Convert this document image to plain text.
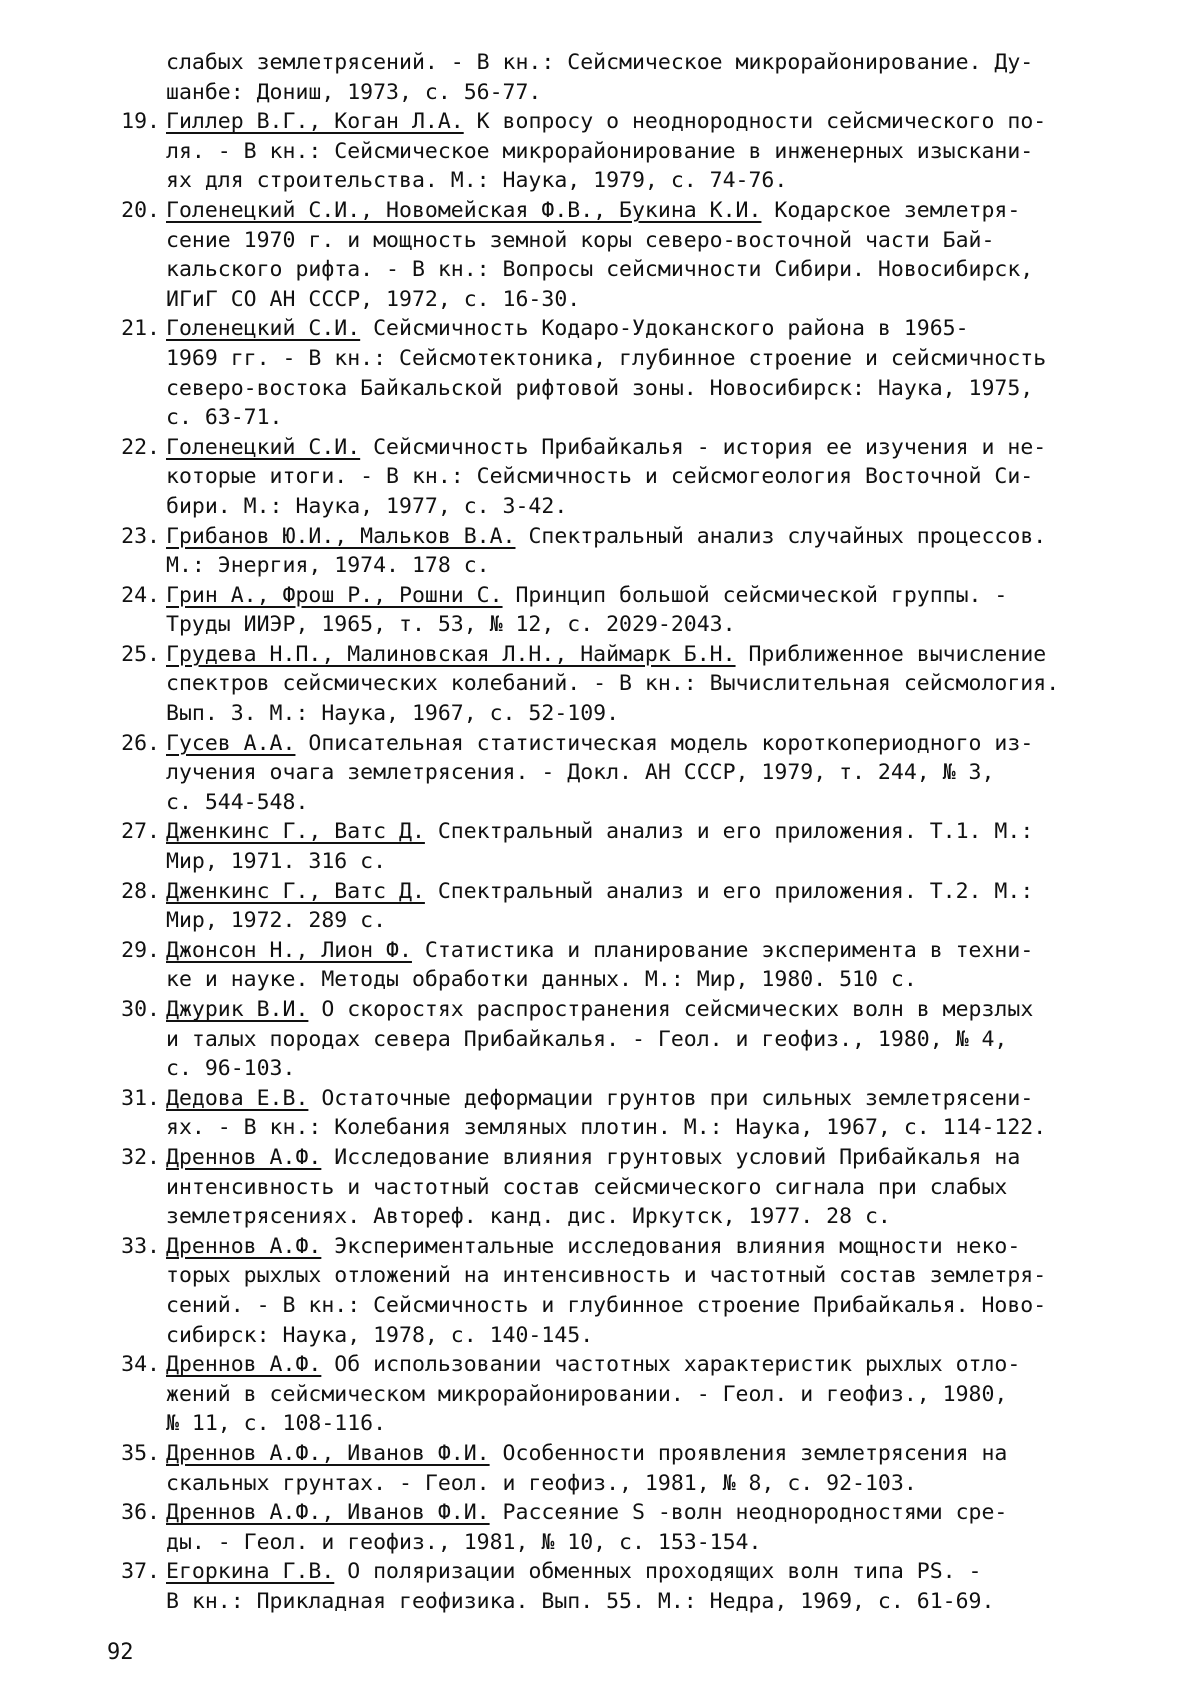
слабых землетрясений. - В кн.: Сейсмическое микрорайонирование. Ду-
шанбе: Дониш, 1973, с. 56-77.
19 . Гиллер В.Г., Коган Л.А. К вопросу о неоднородности сейсмического по-
ля. - В кн.: Сейсмическое микрорайонирование в инженерных изыскани-
ях для строительства. М.: Наука, 1979, с. 74-76.
20 . Голенецкий С.И., Новомейская Ф.В., Букина К.И. Кодарское землетря-
сение 1970 г. и мощность земной коры северо-восточной части Бай-
кальского рифта. - В кн.: Вопросы сейсмичности Сибири. Новосибирск,
ИГиГ СО АН СССР, 1972, с. 16-30.
21 . Голенецкий С.И. Сейсмичность Кодаро-Удоканского района в 1965-
1969 гг. - В кн.: Сейсмотектоника, глубинное строение и сейсмичность
северо-востока Байкальской рифтовой зоны. Новосибирск: Наука, 1975,
с. 63-71.
22 . Голенецкий С.И. Сейсмичность Прибайкалья - история ее изучения и не-
которые итоги. - В кн.: Сейсмичность и сейсмогеология Восточной Си-
бири. М.: Наука, 1977, с. 3-42.
23 . Грибанов Ю.И., Мальков В.А. Спектральный анализ случайных процессов.
М.: Энергия, 1974. 178 с.
24 . Грин А., Фрош Р., Рошни С. Принцип большой сейсмической группы. -
Труды ИИЭР, 1965, т. 53, № 12, с. 2029-2043.
25 . Грудева Н.П., Малиновская Л.Н., Наймарк Б.Н. Приближенное вычисление
спектров сейсмических колебаний. - В кн.: Вычислительная сейсмология.
Вып. 3. М.: Наука, 1967, с. 52-109.
26 . Гусев А.А. Описательная статистическая модель короткопериодного из-
лучения очага землетрясения. - Докл. АН СССР, 1979, т. 244, № 3,
с. 544-548.
27 . Дженкинс Г., Ватс Д. Спектральный анализ и его приложения. Т.1. М.:
Мир, 1971. 316 с.
28 . Дженкинс Г., Ватс Д. Спектральный анализ и его приложения. Т.2. М.:
Мир, 1972. 289 с.
29 . Джонсон Н., Лион Ф. Статистика и планирование эксперимента в техни-
ке и науке. Методы обработки данных. М.: Мир, 1980. 510 с.
30 . Джурик В.И. О скоростях распространения сейсмических волн в мерзлых
и талых породах севера Прибайкалья. - Геол. и геофиз., 1980, № 4,
с. 96-103.
31 . Дедова Е.В. Остаточные деформации грунтов при сильных землетрясени-
ях. - В кн.: Колебания земляных плотин. М.: Наука, 1967, с. 114-122.
32 . Дреннов А.Ф. Исследование влияния грунтовых условий Прибайкалья на
интенсивность и частотный состав сейсмического сигнала при слабых
землетрясениях. Автореф. канд. дис. Иркутск, 1977. 28 с.
33 . Дреннов А.Ф. Экспериментальные исследования влияния мощности неко-
торых рыхлых отложений на интенсивность и частотный состав землетря-
сений. - В кн.: Сейсмичность и глубинное строение Прибайкалья. Ново-
сибирск: Наука, 1978, с. 140-145.
34 . Дреннов А.Ф. Об использовании частотных характеристик рыхлых отло-
жений в сейсмическом микрорайонировании. - Геол. и геофиз., 1980,
№ 11, с. 108-116.
35 . Дреннов А.Ф., Иванов Ф.И. Особенности проявления землетрясения на
скальных грунтах. - Геол. и геофиз., 1981, № 8, с. 92-103.
36 . Дреннов А.Ф., Иванов Ф.И. Рассеяние S -волн неоднородностями сре-
ды. - Геол. и геофиз., 1981, № 10, с. 153-154.
37 . Егоркина Г.В. О поляризации обменных проходящих волн типа PS. -
В кн.: Прикладная геофизика. Вып. 55. М.: Недра, 1969, с. 61-69.
92
